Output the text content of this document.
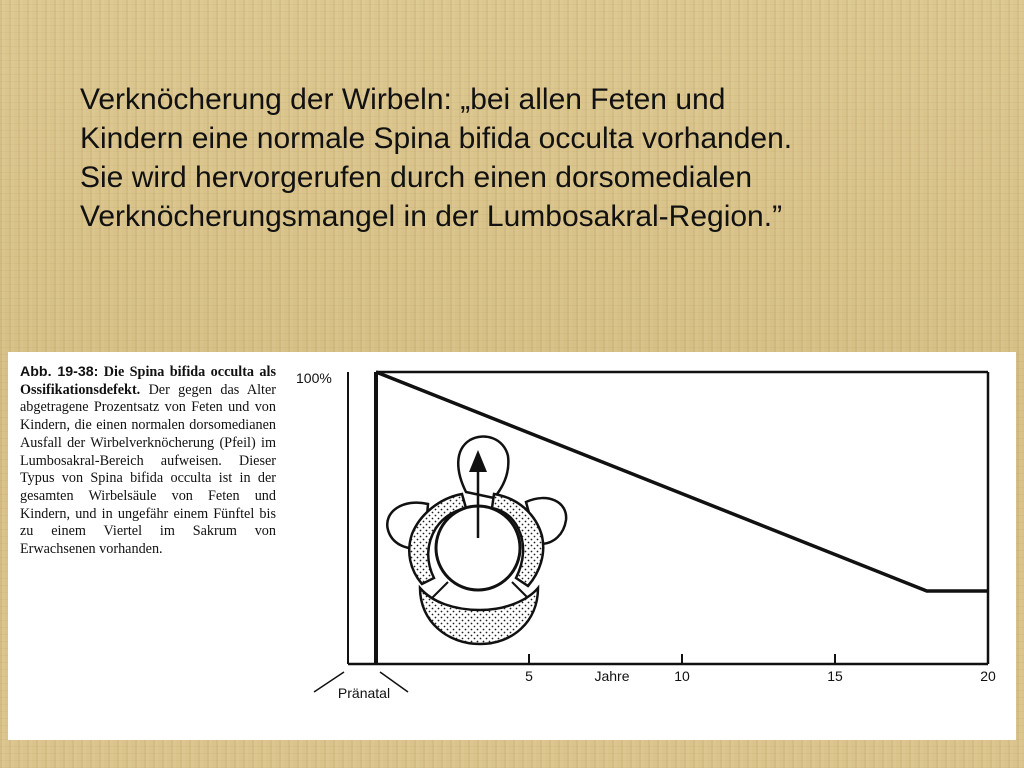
Verknöcherung der Wirbeln: „bei allen Feten und
Kindern eine normale Spina bifida occulta vorhanden.
Sie wird hervorgerufen durch einen dorsomedialen
Verknöcherungsmangel in der Lumbosakral-Region.”
Abb. 19-38: Die Spina bifida occulta als Ossifikationsdefekt. Der gegen das Alter abgetragene Prozentsatz von Feten und von Kindern, die einen normalen dorsomedianen Ausfall der Wirbelverknöcherung (Pfeil) im Lumbosakral-Bereich aufweisen. Dieser Typus von Spina bifida occulta ist in der gesamten Wirbelsäule von Feten und Kindern, und in ungefähr einem Fünftel bis zu einem Viertel im Sakrum von Erwachsenen vorhanden.
100%
5	10	15	20
Jahre
Pränatal
